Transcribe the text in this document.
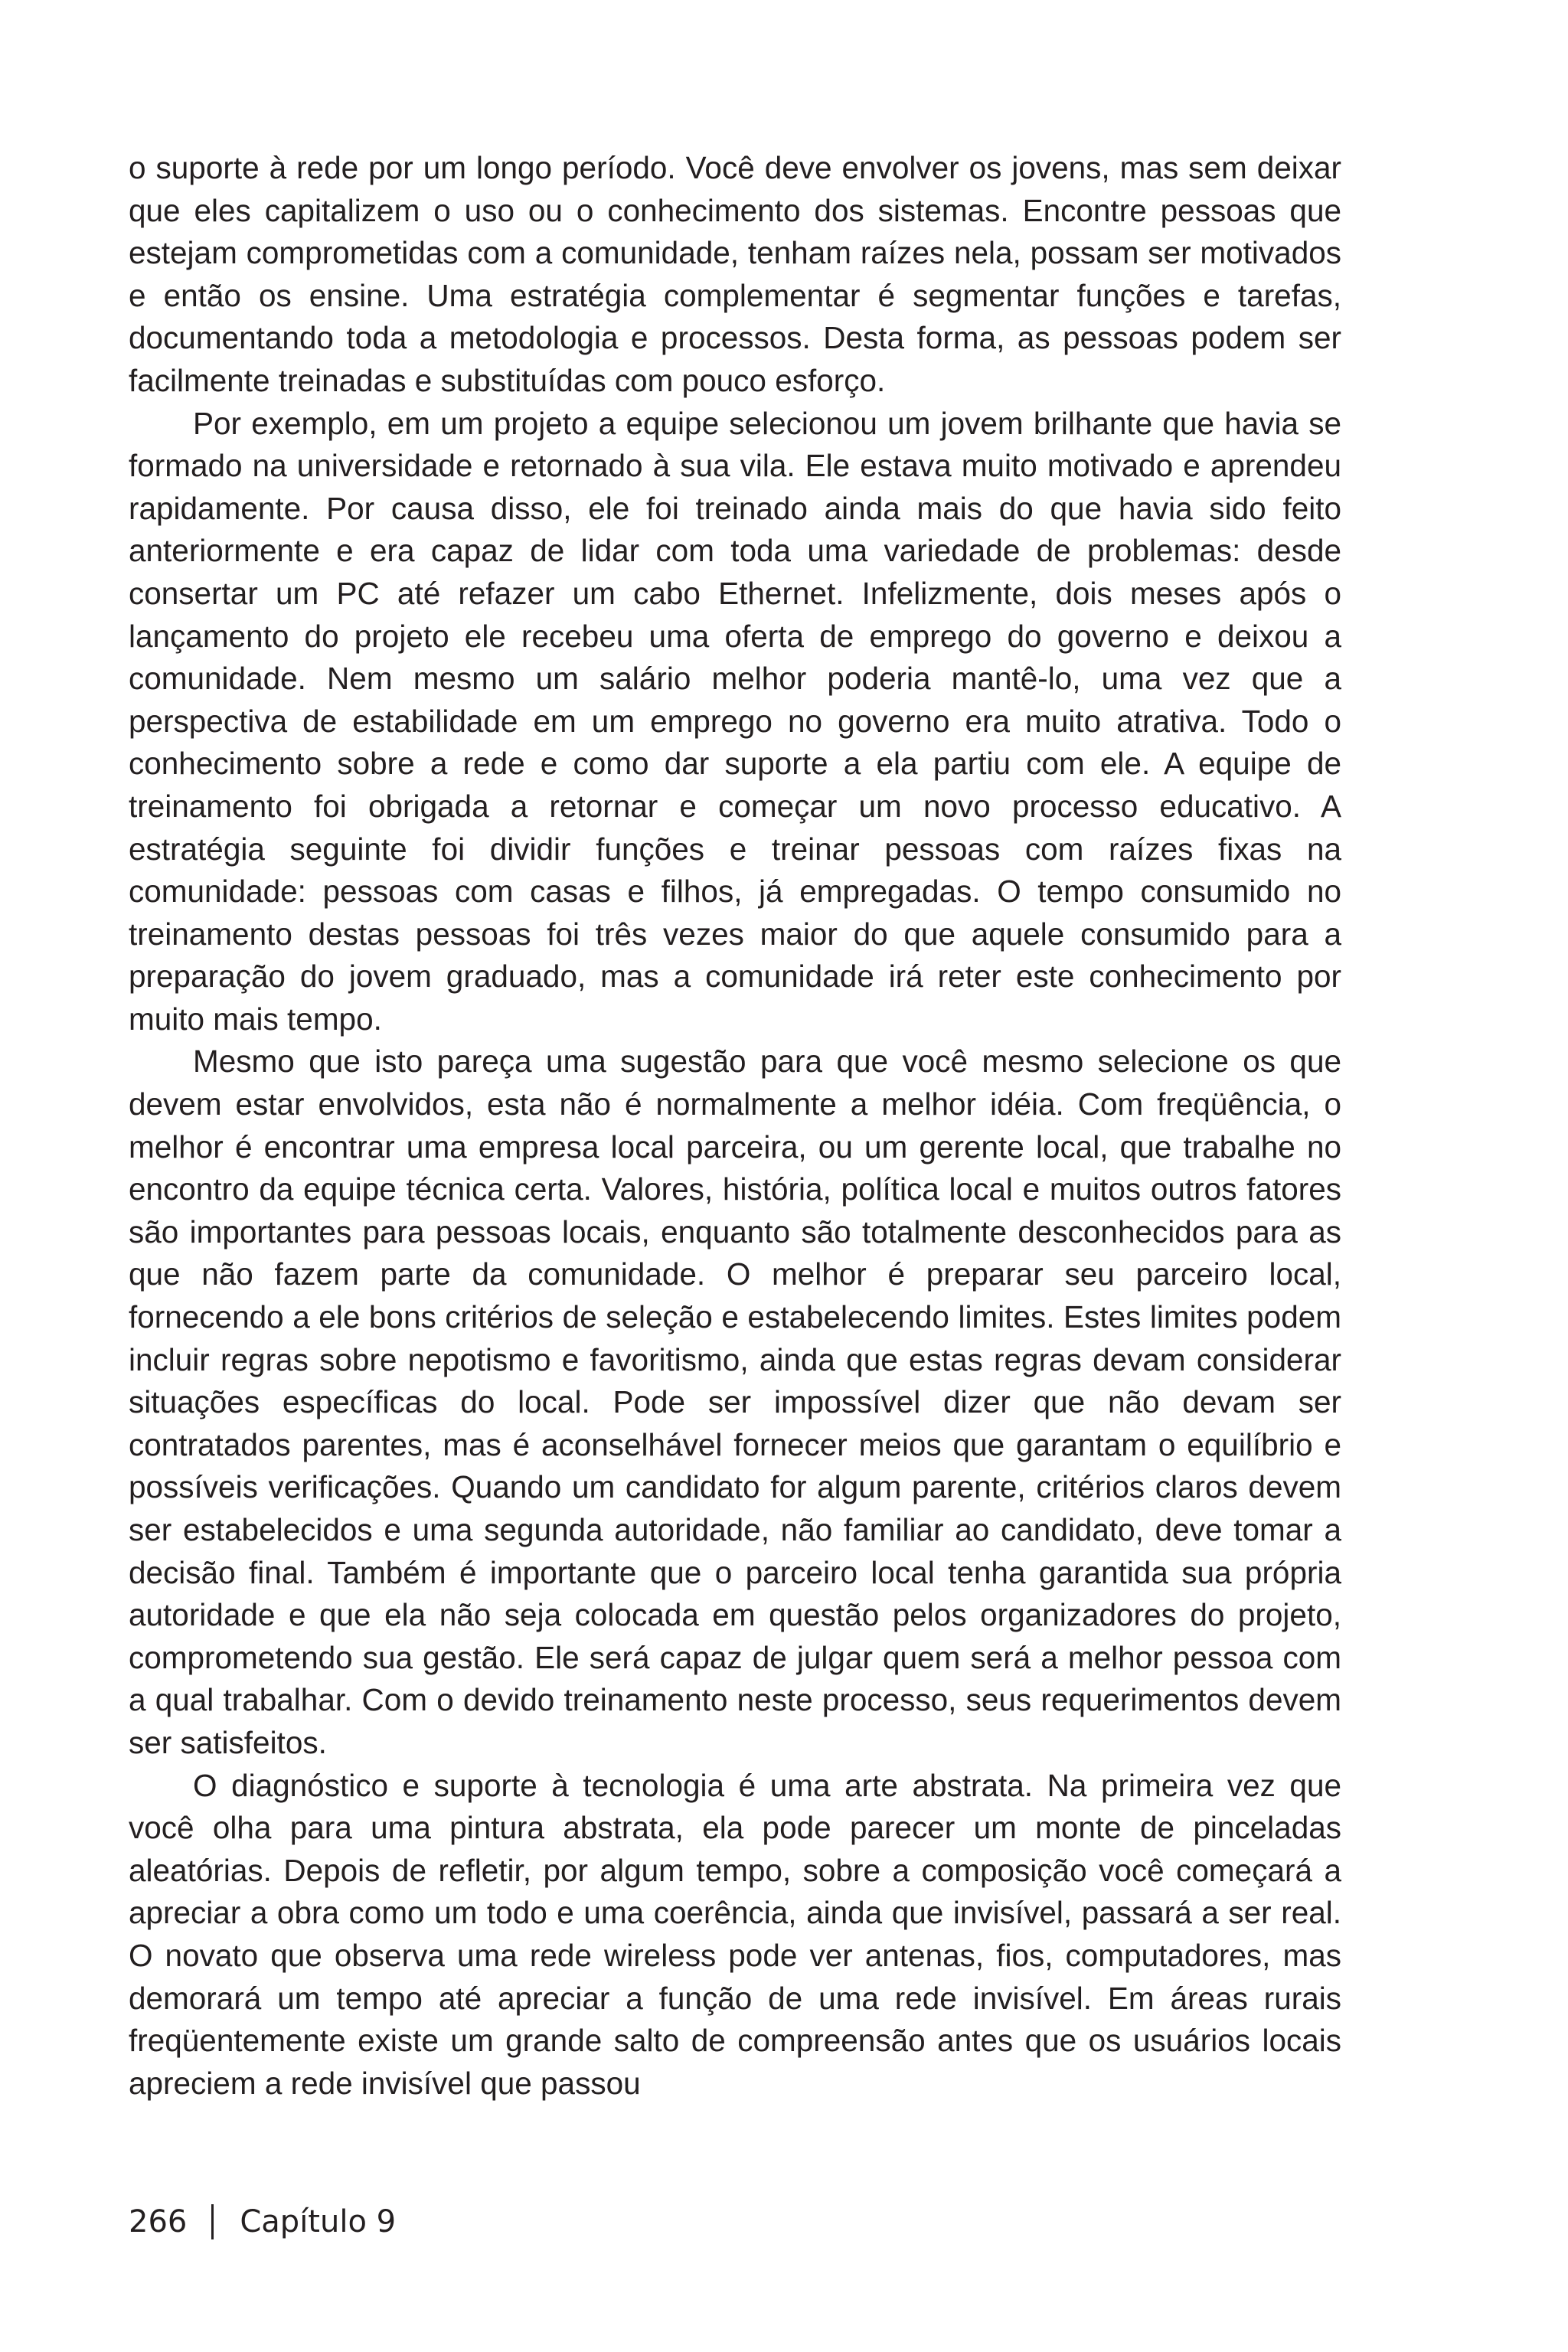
o suporte à rede por um longo período. Você deve envolver os jovens, mas sem deixar que eles capitalizem o uso ou o conhecimento dos sistemas. Encontre pessoas que estejam comprometidas com a comunidade, tenham raízes nela, possam ser motivados e então os ensine. Uma estratégia complementar é segmentar funções e tarefas, documentando toda a metodologia e processos. Desta forma, as pessoas podem ser facilmente treinadas e substituídas com pouco esforço.

Por exemplo, em um projeto a equipe selecionou um jovem brilhante que havia se formado na universidade e retornado à sua vila. Ele estava muito motivado e aprendeu rapidamente. Por causa disso, ele foi treinado ainda mais do que havia sido feito anteriormente e era capaz de lidar com toda uma variedade de problemas: desde consertar um PC até refazer um cabo Ethernet. Infelizmente, dois meses após o lançamento do projeto ele recebeu uma oferta de emprego do governo e deixou a comunidade. Nem mesmo um salário melhor poderia mantê-lo, uma vez que a perspectiva de estabilidade em um emprego no governo era muito atrativa. Todo o conhecimento sobre a rede e como dar suporte a ela partiu com ele. A equipe de treinamento foi obrigada a retornar e começar um novo processo educativo. A estratégia seguinte foi dividir funções e treinar pessoas com raízes fixas na comunidade: pessoas com casas e filhos, já empregadas. O tempo consumido no treinamento destas pessoas foi três vezes maior do que aquele consumido para a preparação do jovem graduado, mas a comunidade irá reter este conhecimento por muito mais tempo.

Mesmo que isto pareça uma sugestão para que você mesmo selecione os que devem estar envolvidos, esta não é normalmente a melhor idéia. Com freqüência, o melhor é encontrar uma empresa local parceira, ou um gerente local, que trabalhe no encontro da equipe técnica certa. Valores, história, política local e muitos outros fatores são importantes para pessoas locais, enquanto são totalmente desconhecidos para as que não fazem parte da comunidade. O melhor é preparar seu parceiro local, fornecendo a ele bons critérios de seleção e estabelecendo limites. Estes limites podem incluir regras sobre nepotismo e favoritismo, ainda que estas regras devam considerar situações específicas do local. Pode ser impossível dizer que não devam ser contratados parentes, mas é aconselhável fornecer meios que garantam o equilíbrio e possíveis verificações. Quando um candidato for algum parente, critérios claros devem ser estabelecidos e uma segunda autoridade, não familiar ao candidato, deve tomar a decisão final. Também é importante que o parceiro local tenha garantida sua própria autoridade e que ela não seja colocada em questão pelos organizadores do projeto, comprometendo sua gestão. Ele será capaz de julgar quem será a melhor pessoa com a qual trabalhar. Com o devido treinamento neste processo, seus requerimentos devem ser satisfeitos.

O diagnóstico e suporte à tecnologia é uma arte abstrata. Na primeira vez que você olha para uma pintura abstrata, ela pode parecer um monte de pinceladas aleatórias. Depois de refletir, por algum tempo, sobre a composição você começará a apreciar a obra como um todo e uma coerência, ainda que invisível, passará a ser real. O novato que observa uma rede wireless pode ver antenas, fios, computadores, mas demorará um tempo até apreciar a função de uma rede invisível. Em áreas rurais freqüentemente existe um grande salto de compreensão antes que os usuários locais apreciem a rede invisível que passou

266 Capítulo 9
